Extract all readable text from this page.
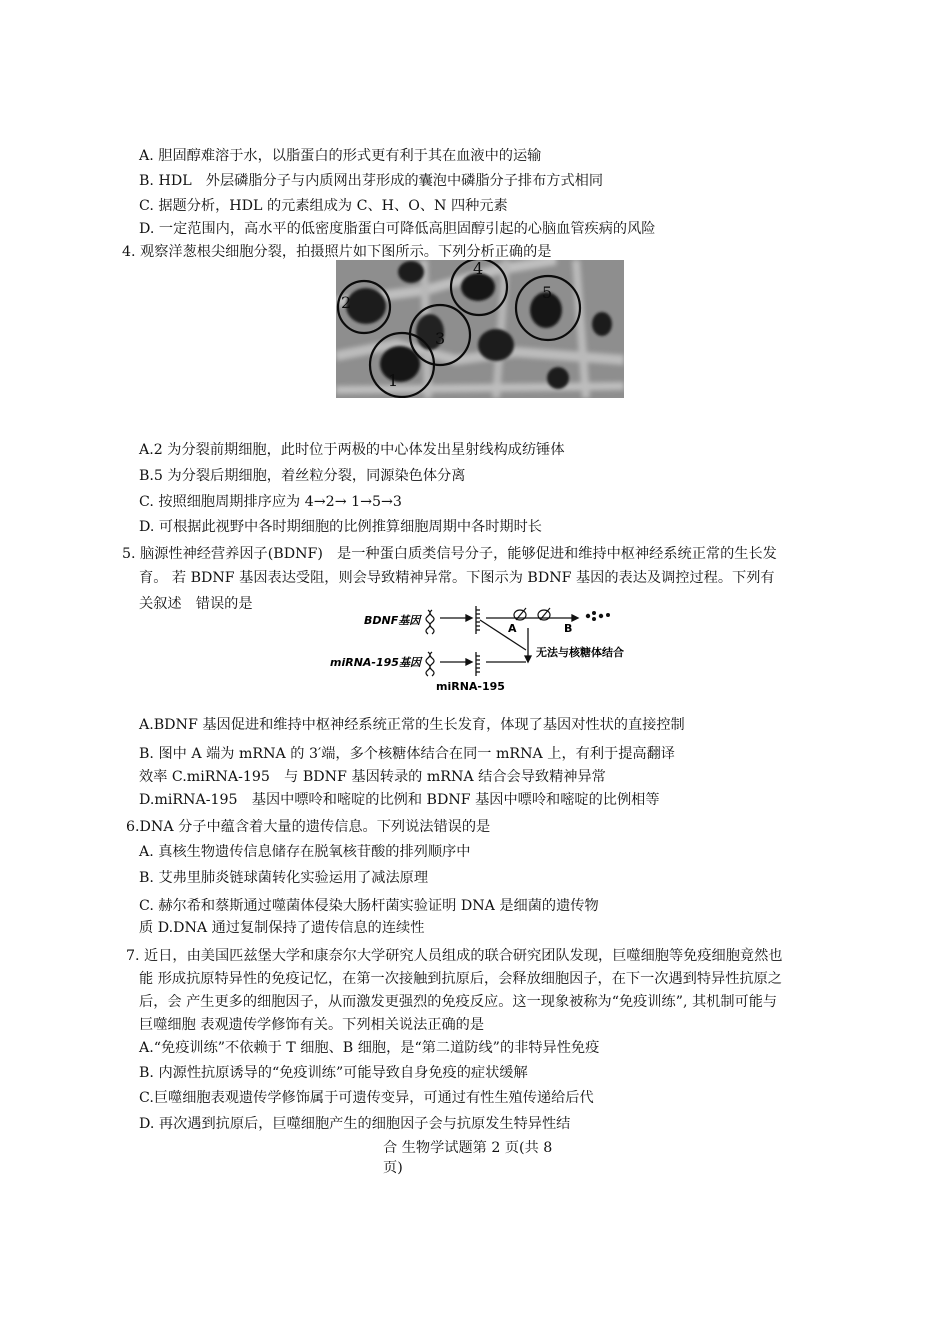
A. 胆固醇难溶于水，以脂蛋白的形式更有利于其在血液中的运输
B. HDL　外层磷脂分子与内质网出芽形成的囊泡中磷脂分子排布方式相同
C. 据题分析，HDL 的元素组成为 C、H、O、N 四种元素
D. 一定范围内，高水平的低密度脂蛋白可降低高胆固醇引起的心脑血管疾病的风险
4. 观察洋葱根尖细胞分裂，拍摄照片如下图所示。下列分析正确的是
1
2
3
4
5
A.2 为分裂前期细胞，此时位于两极的中心体发出星射线构成纺锤体
B.5 为分裂后期细胞，着丝粒分裂，同源染色体分离
C. 按照细胞周期排序应为 4→2→ 1→5→3
D. 可根据此视野中各时期细胞的比例推算细胞周期中各时期时长
5. 脑源性神经营养因子(BDNF)　是一种蛋白质类信号分子，能够促进和维持中枢神经系统正常的生长发
育。 若 BDNF 基因表达受阻，则会导致精神异常。下图示为 BDNF 基因的表达及调控过程。下列有
关叙述　错误的是
BDNF基因
miRNA-195基因
A	B
无法与核糖体结合
miRNA-195
A.BDNF 基因促进和维持中枢神经系统正常的生长发育，体现了基因对性状的直接控制
B. 图中 A 端为 mRNA 的 3′端，多个核糖体结合在同一 mRNA 上，有利于提高翻译
效率 C.miRNA-195　与 BDNF 基因转录的 mRNA 结合会导致精神异常
D.miRNA-195　基因中嘌呤和嘧啶的比例和 BDNF 基因中嘌呤和嘧啶的比例相等
6.DNA 分子中蕴含着大量的遗传信息。下列说法错误的是
A. 真核生物遗传信息储存在脱氧核苷酸的排列顺序中
B. 艾弗里肺炎链球菌转化实验运用了减法原理
C. 赫尔希和蔡斯通过噬菌体侵染大肠杆菌实验证明 DNA 是细菌的遗传物
质 D.DNA 通过复制保持了遗传信息的连续性
7. 近日，由美国匹兹堡大学和康奈尔大学研究人员组成的联合研究团队发现，巨噬细胞等免疫细胞竟然也
能 形成抗原特异性的免疫记忆，在第一次接触到抗原后，会释放细胞因子，在下一次遇到特异性抗原之
后，会 产生更多的细胞因子，从而激发更强烈的免疫反应。这一现象被称为“免疫训练”, 其机制可能与
巨噬细胞 表观遗传学修饰有关。下列相关说法正确的是
A.“免疫训练”不依赖于 T 细胞、B 细胞，是“第二道防线”的非特异性免疫
B. 内源性抗原诱导的“免疫训练”可能导致自身免疫的症状缓解
C.巨噬细胞表观遗传学修饰属于可遗传变异，可通过有性生殖传递给后代
D. 再次遇到抗原后，巨噬细胞产生的细胞因子会与抗原发生特异性结
合 生物学试题第 2 页(共 8
页)
